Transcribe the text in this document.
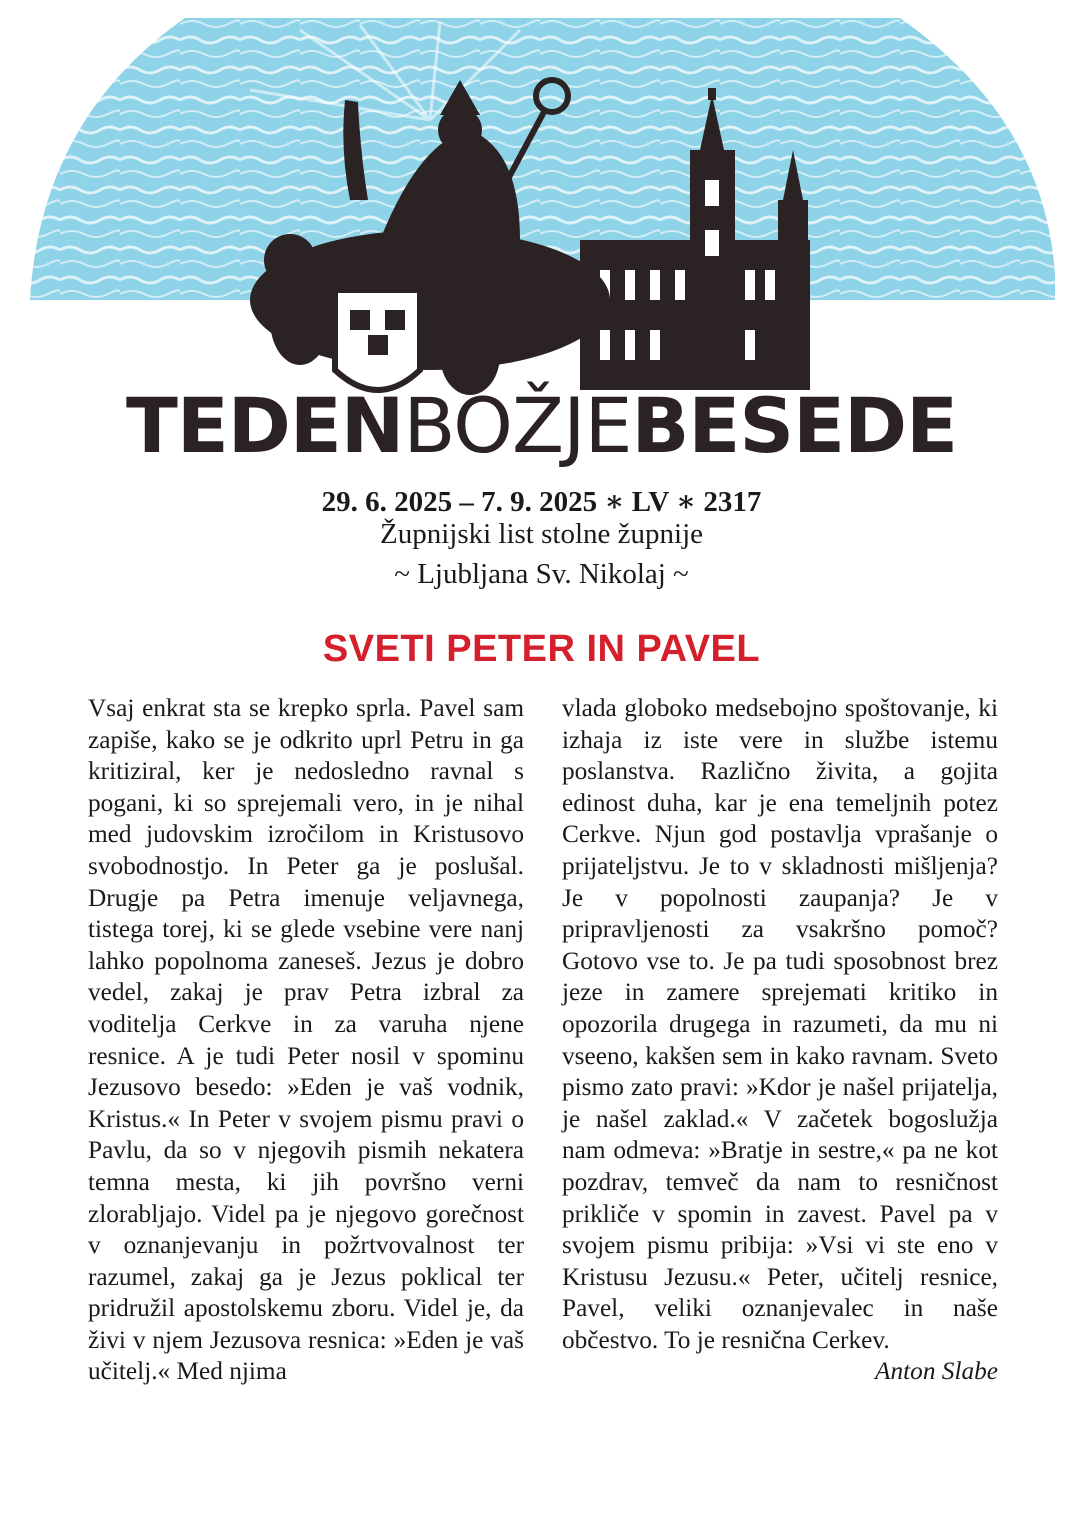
TEDENBOŽJEBESEDE
29. 6. 2025 – 7. 9. 2025 ∗ LV ∗ 2317
Župnijski list stolne župnije
~ Ljubljana Sv. Nikolaj ~
SVETI PETER IN PAVEL

Vsaj enkrat sta se krepko sprla. Pavel sam zapiše, kako se je odkrito uprl Petru in ga kritiziral, ker je nedosledno ravnal s pogani, ki so sprejemali vero, in je nihal med judovskim izročilom in Kristusovo svobodnostjo. In Peter ga je poslušal. Drugje pa Petra imenuje veljavnega, tistega torej, ki se glede vsebine vere nanj lahko popolnoma zaneseš. Jezus je dobro vedel, zakaj je prav Petra izbral za voditelja Cerkve in za varuha njene resnice. A je tudi Peter nosil v spominu Jezusovo besedo: »Eden je vaš vodnik, Kristus.« In Peter v svojem pismu pravi o Pavlu, da so v njegovih pismih nekatera temna mesta, ki jih površno verni zlorabljajo. Videl pa je njegovo gorečnost v oznanjevanju in požrtvovalnost ter razumel, zakaj ga je Jezus poklical ter pridružil apostolskemu zboru. Videl je, da živi v njem Jezusova resnica: »Eden je vaš učitelj.« Med njima

vlada globoko medsebojno spoštovanje, ki izhaja iz iste vere in službe istemu poslanstva. Različno živita, a gojita edinost duha, kar je ena temeljnih potez Cerkve. Njun god postavlja vprašanje o prijateljstvu. Je to v skladnosti mišljenja? Je v popolnosti zaupanja? Je v pripravljenosti za vsakršno pomoč? Gotovo vse to. Je pa tudi sposobnost brez jeze in zamere sprejemati kritiko in opozorila drugega in razumeti, da mu ni vseeno, kakšen sem in kako ravnam. Sveto pismo zato pravi: »Kdor je našel prijatelja, je našel zaklad.« V začetek bogoslužja nam odmeva: »Bratje in sestre,« pa ne kot pozdrav, temveč da nam to resničnost prikliče v spomin in zavest. Pavel pa v svojem pismu pribija: »Vsi vi ste eno v Kristusu Jezusu.« Peter, učitelj resnice, Pavel, veliki oznanjevalec in naše občestvo. To je resnična Cerkev.

Anton Slabe
